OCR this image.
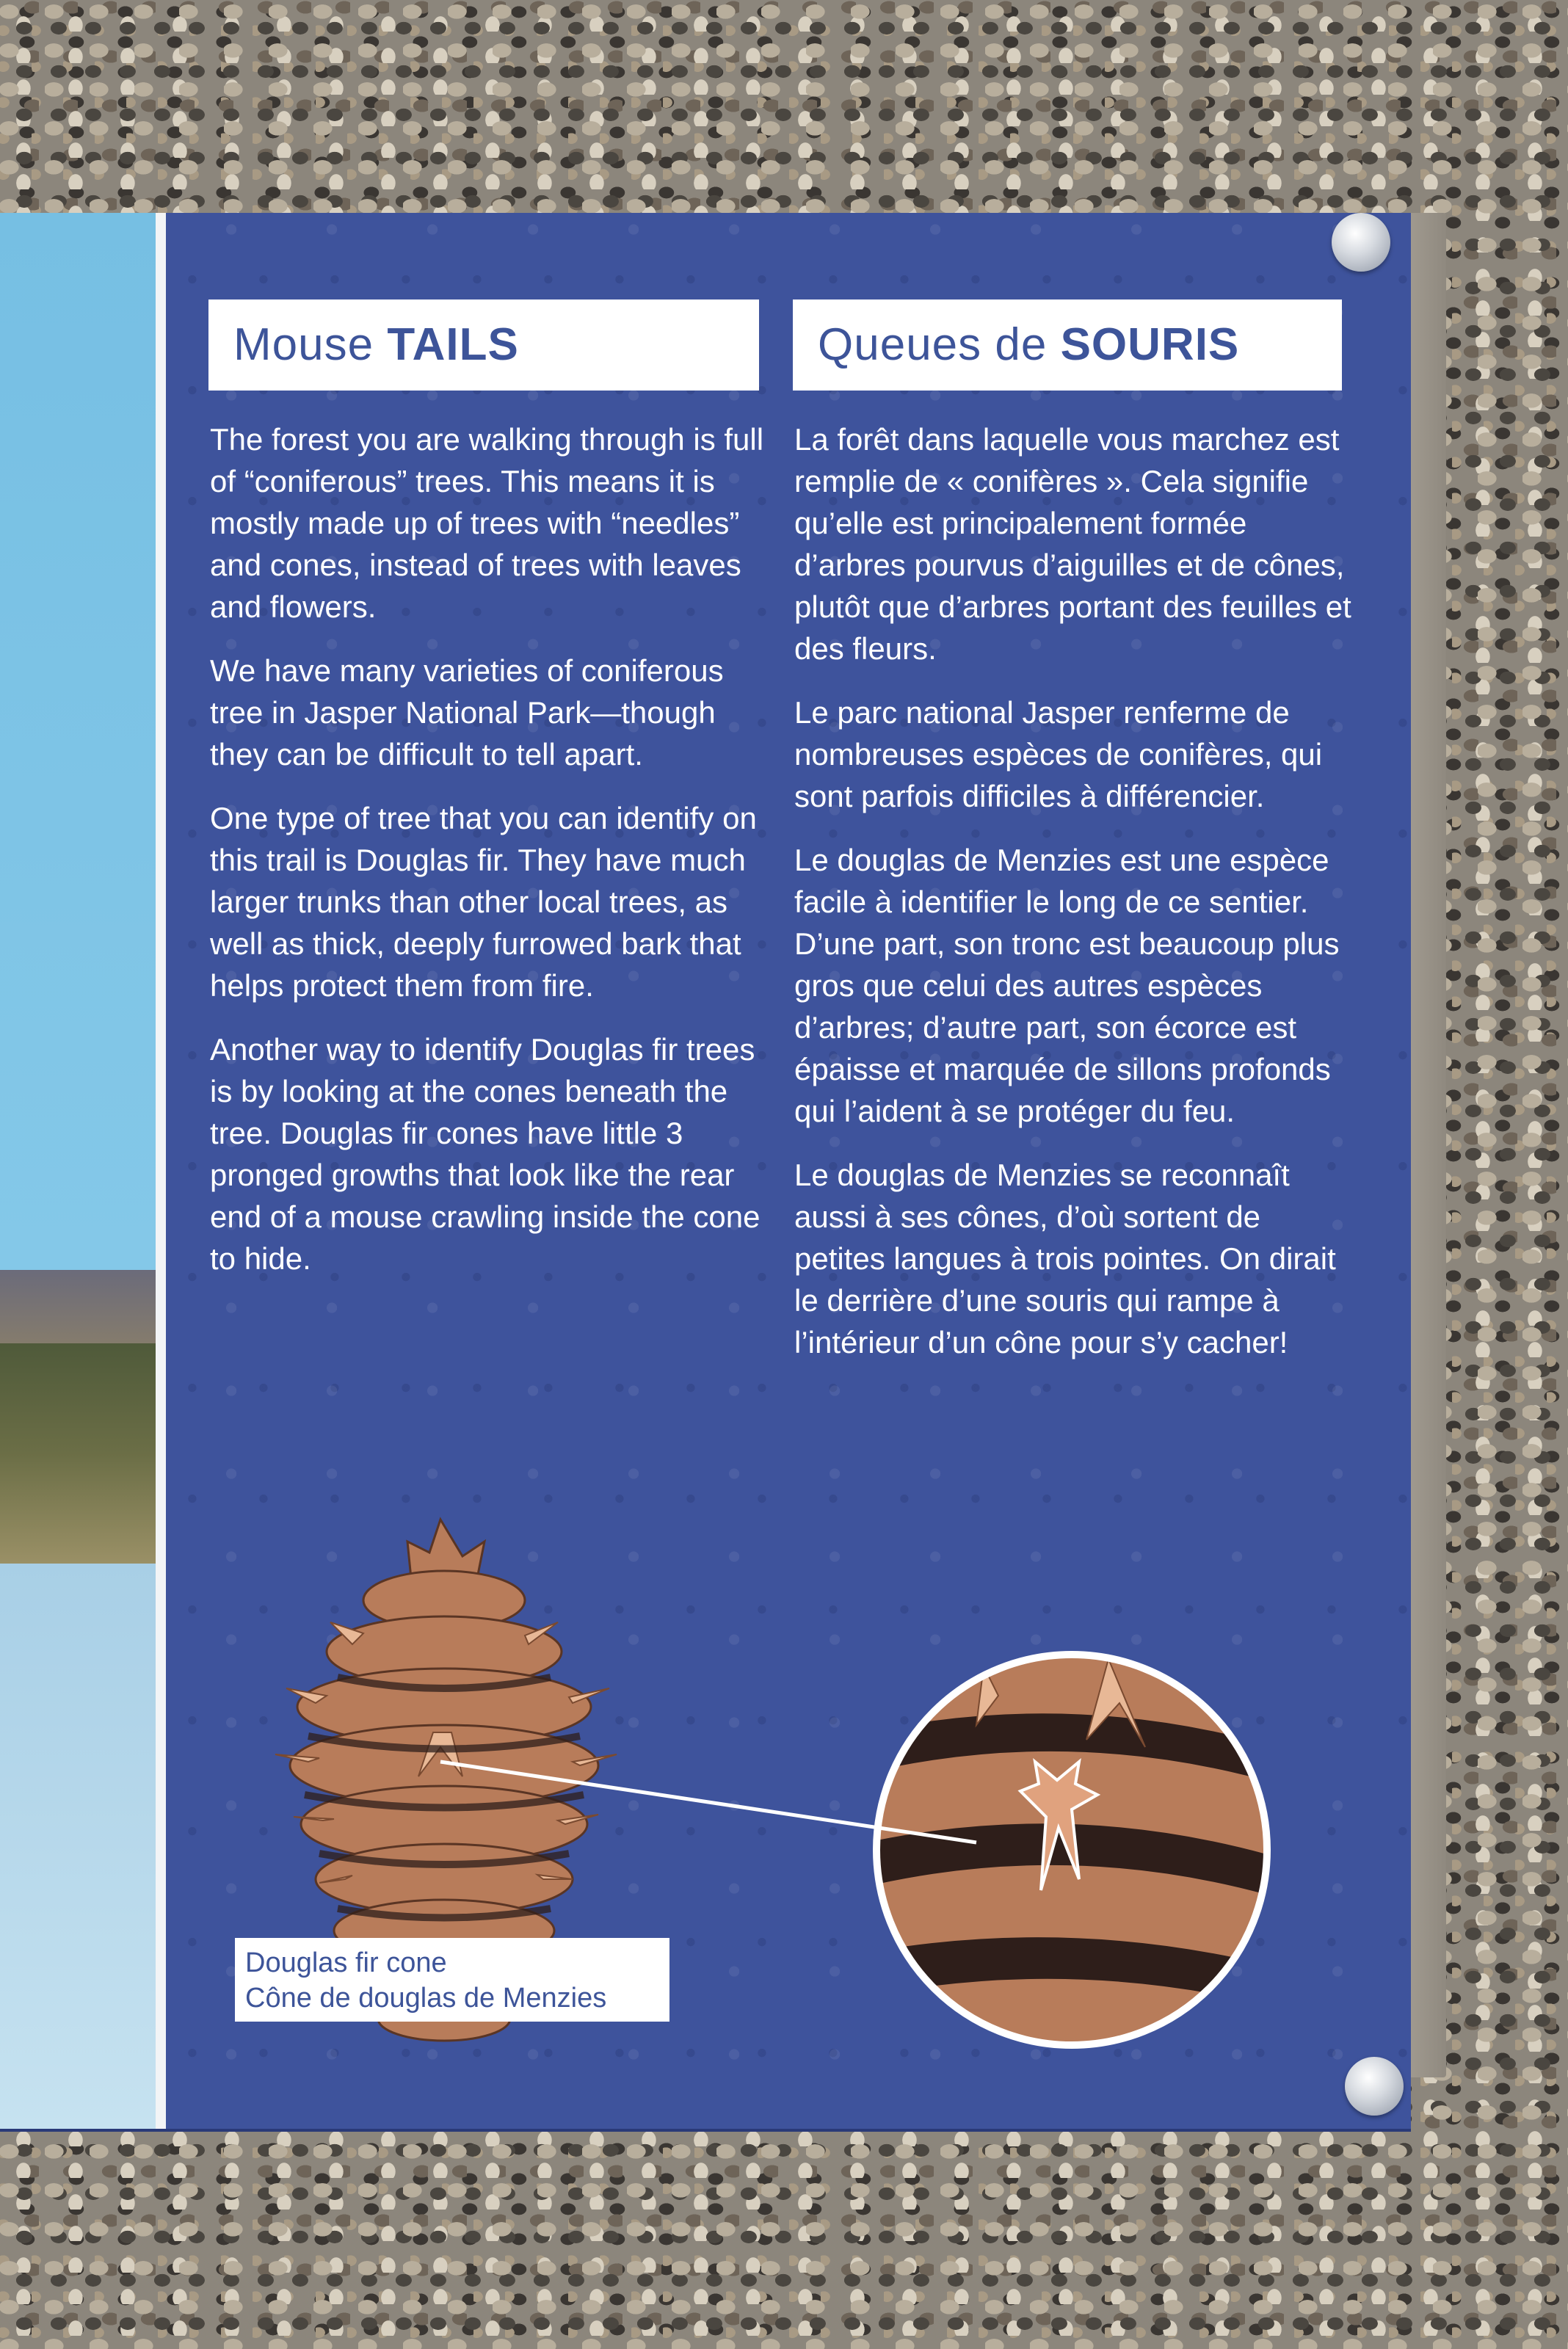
Mouse TAILS	Queues de SOURIS

The forest you are walking through is full of “coniferous” trees. This means it is mostly made up of trees with “needles” and cones, instead of trees with leaves and flowers.

We have many varieties of coniferous tree in Jasper National Park—though they can be difficult to tell apart.

One type of tree that you can identify on this trail is Douglas fir. They have much larger trunks than other local trees, as well as thick, deeply furrowed bark that helps protect them from fire.

Another way to identify Douglas fir trees is by looking at the cones beneath the tree. Douglas fir cones have little 3 pronged growths that look like the rear end of a mouse crawling inside the cone to hide.

La forêt dans laquelle vous marchez est remplie de « conifères ». Cela signifie qu’elle est principalement formée d’arbres pourvus d’aiguilles et de cônes, plutôt que d’arbres portant des feuilles et des fleurs.

Le parc national Jasper renferme de nombreuses espèces de conifères, qui sont parfois difficiles à différencier.

Le douglas de Menzies est une espèce facile à identifier le long de ce sentier. D’une part, son tronc est beaucoup plus gros que celui des autres espèces d’arbres; d’autre part, son écorce est épaisse et marquée de sillons profonds qui l’aident à se protéger du feu.

Le douglas de Menzies se reconnaît aussi à ses cônes, d’où sortent de petites langues à trois pointes. On dirait le derrière d’une souris qui rampe à l’intérieur d’un cône pour s’y cacher!

Douglas fir cone
Cône de douglas de Menzies
